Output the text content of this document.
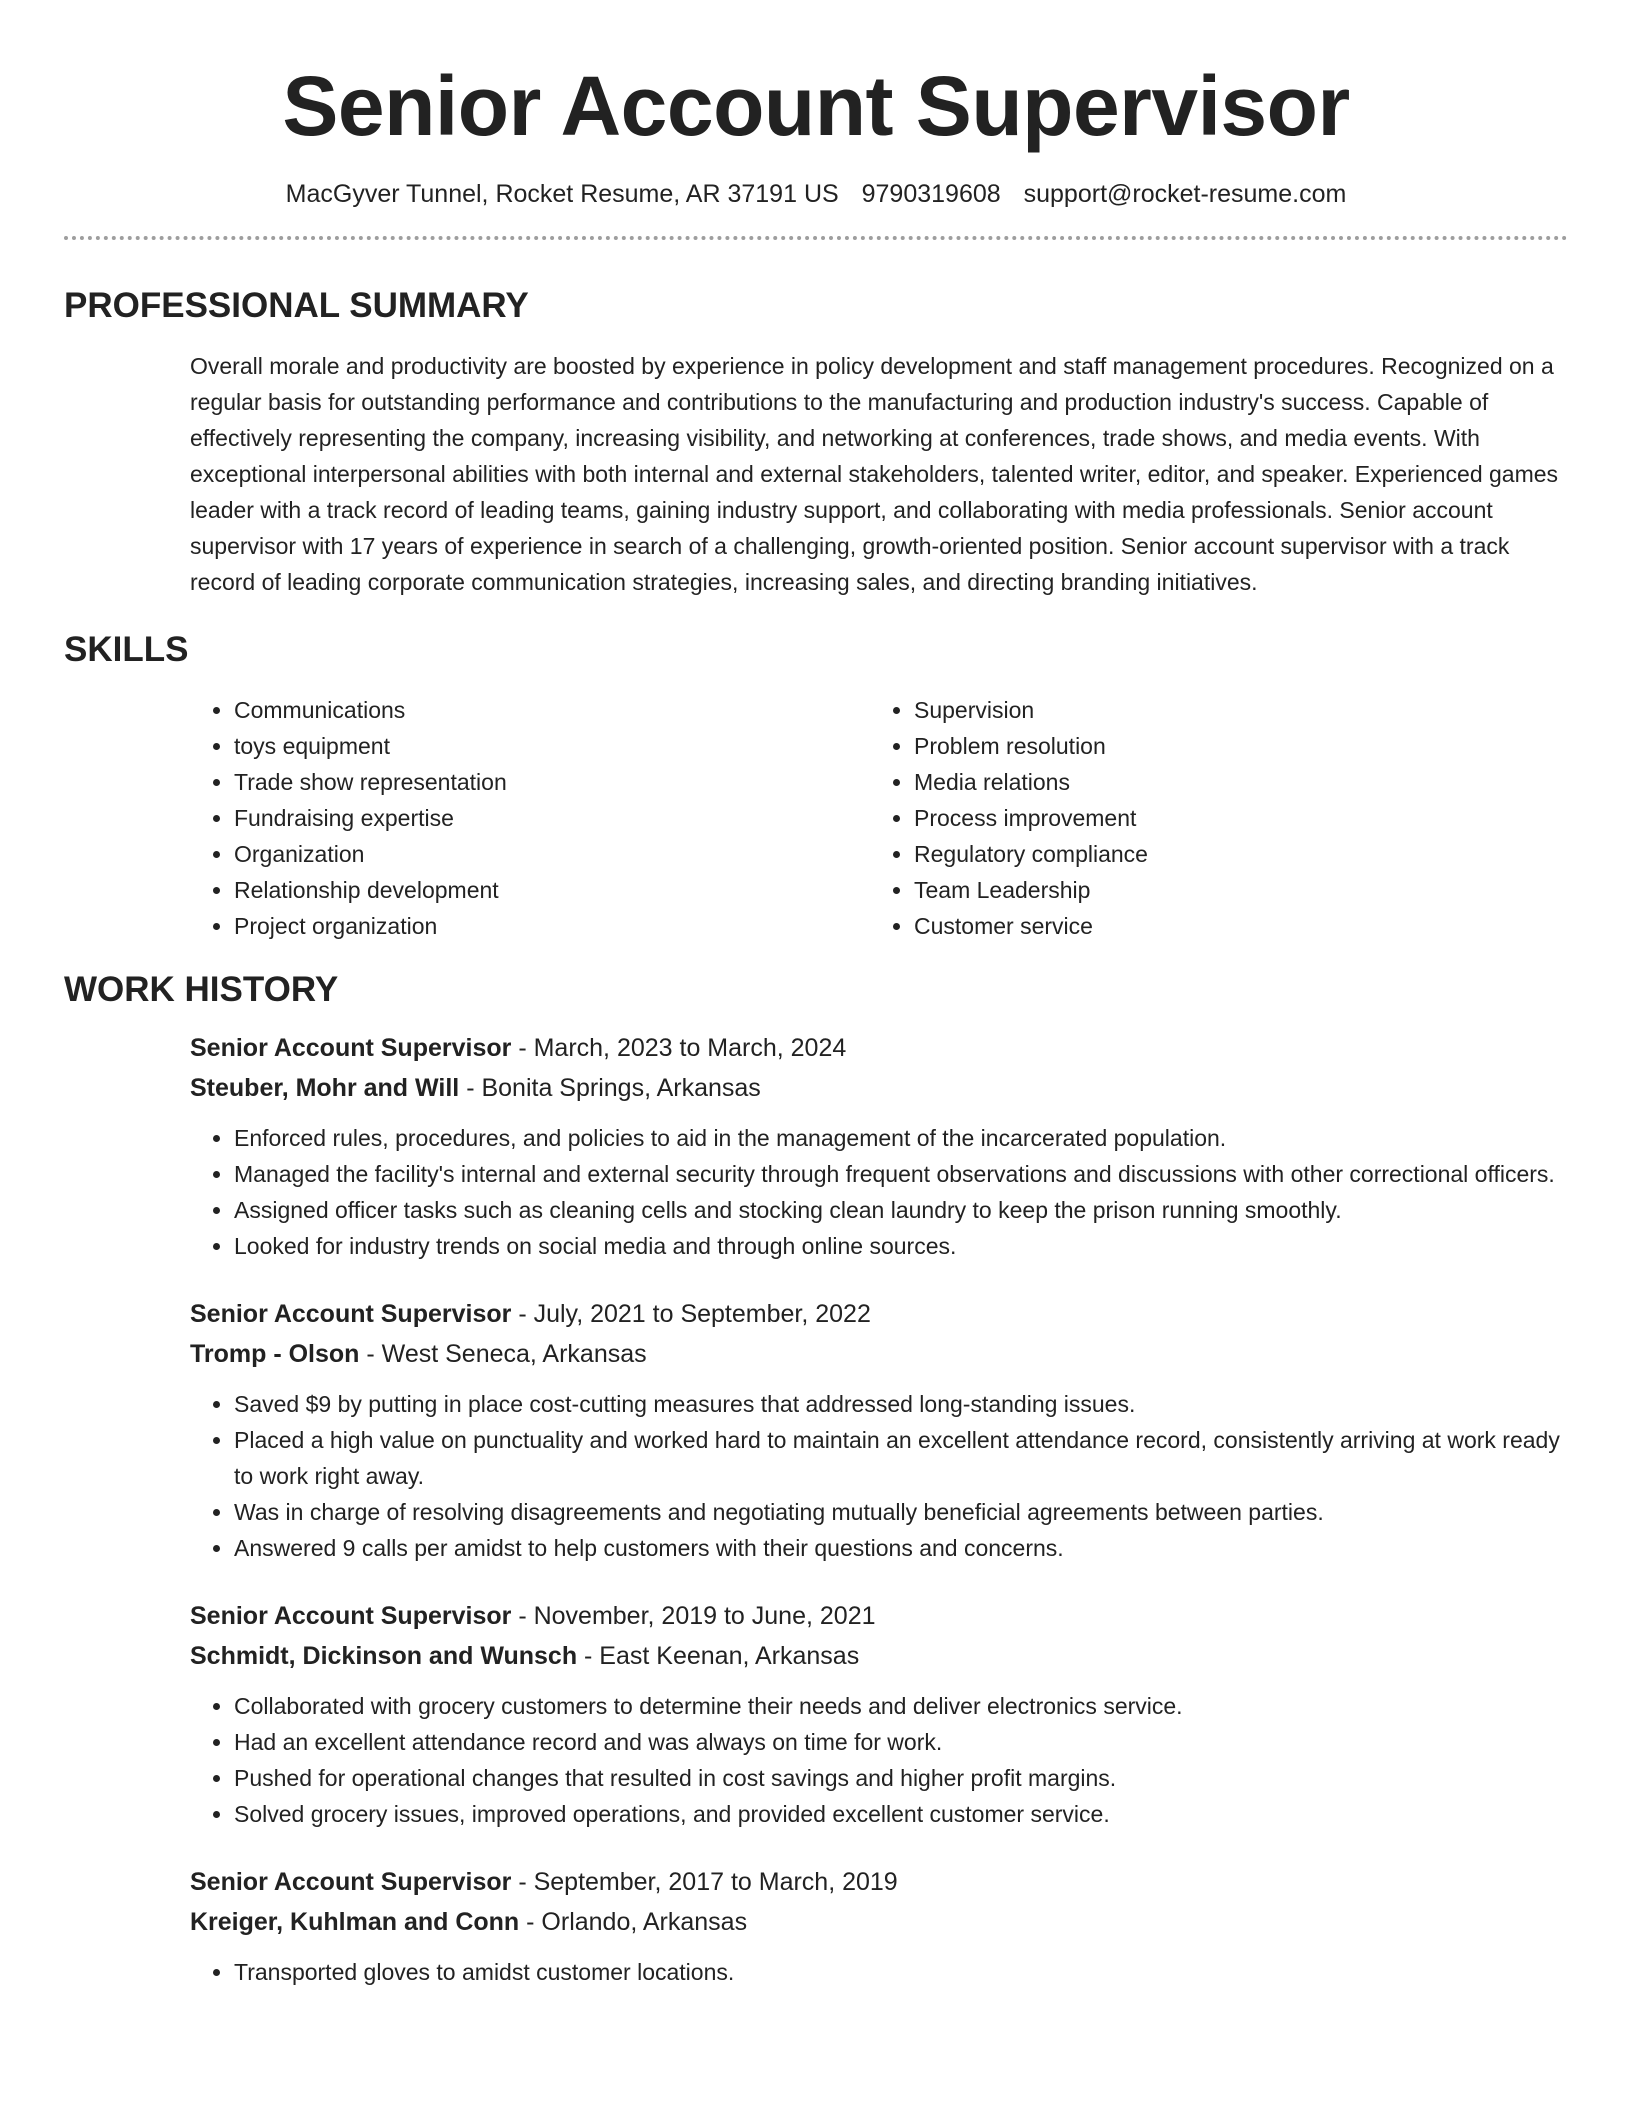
Senior Account Supervisor
MacGyver Tunnel, Rocket Resume, AR 37191 US 9790319608 support@rocket-resume.com
PROFESSIONAL SUMMARY

Overall morale and productivity are boosted by experience in policy development and staff management procedures. Recognized on a regular basis for outstanding performance and contributions to the manufacturing and production industry's success. Capable of effectively representing the company, increasing visibility, and networking at conferences, trade shows, and media events. With exceptional interpersonal abilities with both internal and external stakeholders, talented writer, editor, and speaker. Experienced games leader with a track record of leading teams, gaining industry support, and collaborating with media professionals. Senior account supervisor with 17 years of experience in search of a challenging, growth-oriented position. Senior account supervisor with a track record of leading corporate communication strategies, increasing sales, and directing branding initiatives.

SKILLS
• Communications
• toys equipment
• Trade show representation
• Fundraising expertise
• Organization
• Relationship development
• Project organization
• Supervision
• Problem resolution
• Media relations
• Process improvement
• Regulatory compliance
• Team Leadership
• Customer service
WORK HISTORY
Senior Account Supervisor - March, 2023 to March, 2024
Steuber, Mohr and Will - Bonita Springs, Arkansas
• Enforced rules, procedures, and policies to aid in the management of the incarcerated population.
• Managed the facility's internal and external security through frequent observations and discussions with other correctional officers.
• Assigned officer tasks such as cleaning cells and stocking clean laundry to keep the prison running smoothly.
• Looked for industry trends on social media and through online sources.
Senior Account Supervisor - July, 2021 to September, 2022
Tromp - Olson - West Seneca, Arkansas
• Saved $9 by putting in place cost-cutting measures that addressed long-standing issues.
• Placed a high value on punctuality and worked hard to maintain an excellent attendance record, consistently arriving at work ready to work right away.
• Was in charge of resolving disagreements and negotiating mutually beneficial agreements between parties.
• Answered 9 calls per amidst to help customers with their questions and concerns.
Senior Account Supervisor - November, 2019 to June, 2021
Schmidt, Dickinson and Wunsch - East Keenan, Arkansas
• Collaborated with grocery customers to determine their needs and deliver electronics service.
• Had an excellent attendance record and was always on time for work.
• Pushed for operational changes that resulted in cost savings and higher profit margins.
• Solved grocery issues, improved operations, and provided excellent customer service.
Senior Account Supervisor - September, 2017 to March, 2019
Kreiger, Kuhlman and Conn - Orlando, Arkansas
• Transported gloves to amidst customer locations.
